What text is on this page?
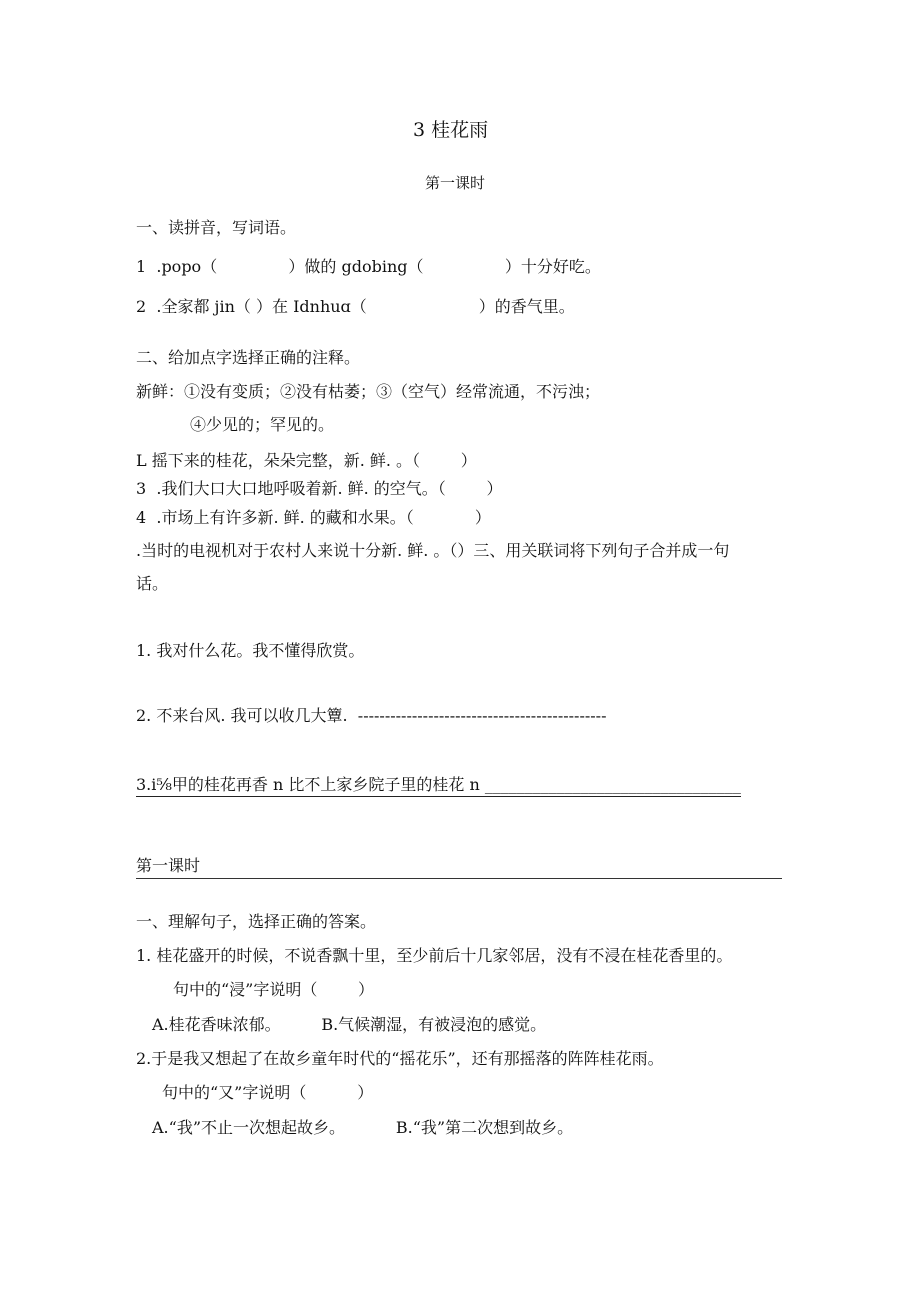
3 桂花雨
第一课时
一、读拼音，写词语。
1  .popo（              ）做的 gdobing（                ）十分好吃。
2  .全家都 jin（ ）在 Idnhuɑ（                      ）的香气里。
二、给加点字选择正确的注释。
新鲜：①没有变质；②没有枯萎；③（空气）经常流通，不污浊；
④少见的；罕见的。
L 摇下来的桂花，朵朵完整，新. 鲜. 。（        ）
3  .我们大口大口地呼吸着新. 鲜. 的空气。（        ）
4  .市场上有许多新. 鲜. 的藏和水果。（            ）
.当时的电视机对于农村人来说十分新. 鲜. 。（）三、用关联词将下列句子合并成一句
话。
1. 我对什么花。我不懂得欣赏。
2. 不来台风. 我可以收几大簟.  ----------------------------------------------
3.i⅝甲的桂花再香 n 比不上家乡院子里的桂花 n ________________________________
第一课时
一、理解句子，选择正确的答案。
1. 桂花盛开的时候，不说香飘十里，至少前后十几家邻居，没有不浸在桂花香里的。
句中的“浸”字说明（        ）
A.桂花香味浓郁。        B.气候潮湿，有被浸泡的感觉。
2.于是我又想起了在故乡童年时代的“摇花乐”，还有那摇落的阵阵桂花雨。
句中的“又”字说明（          ）
A.“我”不止一次想起故乡。          B.“我”第二次想到故乡。
